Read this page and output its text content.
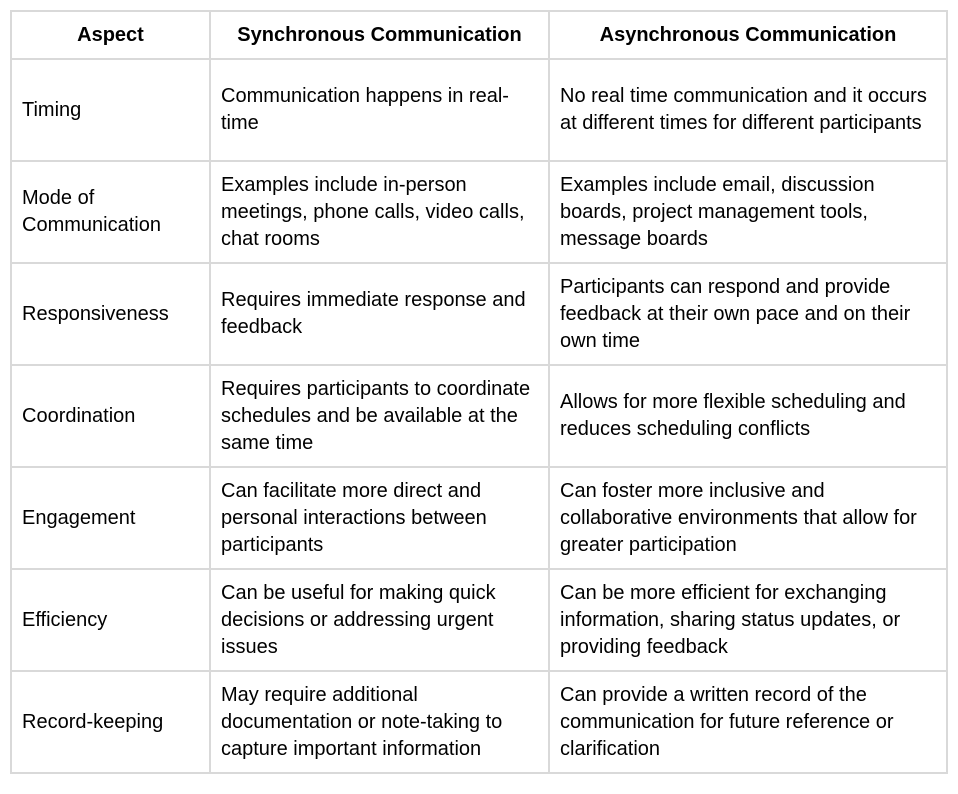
Aspect	Synchronous Communication	Asynchronous Communication
Timing	Communication happens in real-time	No real time communication and it occurs at different times for different participants
Mode of Communication	Examples include in-person meetings, phone calls, video calls, chat rooms	Examples include email, discussion boards, project management tools, message boards
Responsiveness	Requires immediate response and feedback	Participants can respond and provide feedback at their own pace and on their own time
Coordination	Requires participants to coordinate schedules and be available at the same time	Allows for more flexible scheduling and reduces scheduling conflicts
Engagement	Can facilitate more direct and personal interactions between participants	Can foster more inclusive and collaborative environments that allow for greater participation
Efficiency	Can be useful for making quick decisions or addressing urgent issues	Can be more efficient for exchanging information, sharing status updates, or providing feedback
Record-keeping	May require additional documentation or note-taking to capture important information	Can provide a written record of the communication for future reference or clarification
